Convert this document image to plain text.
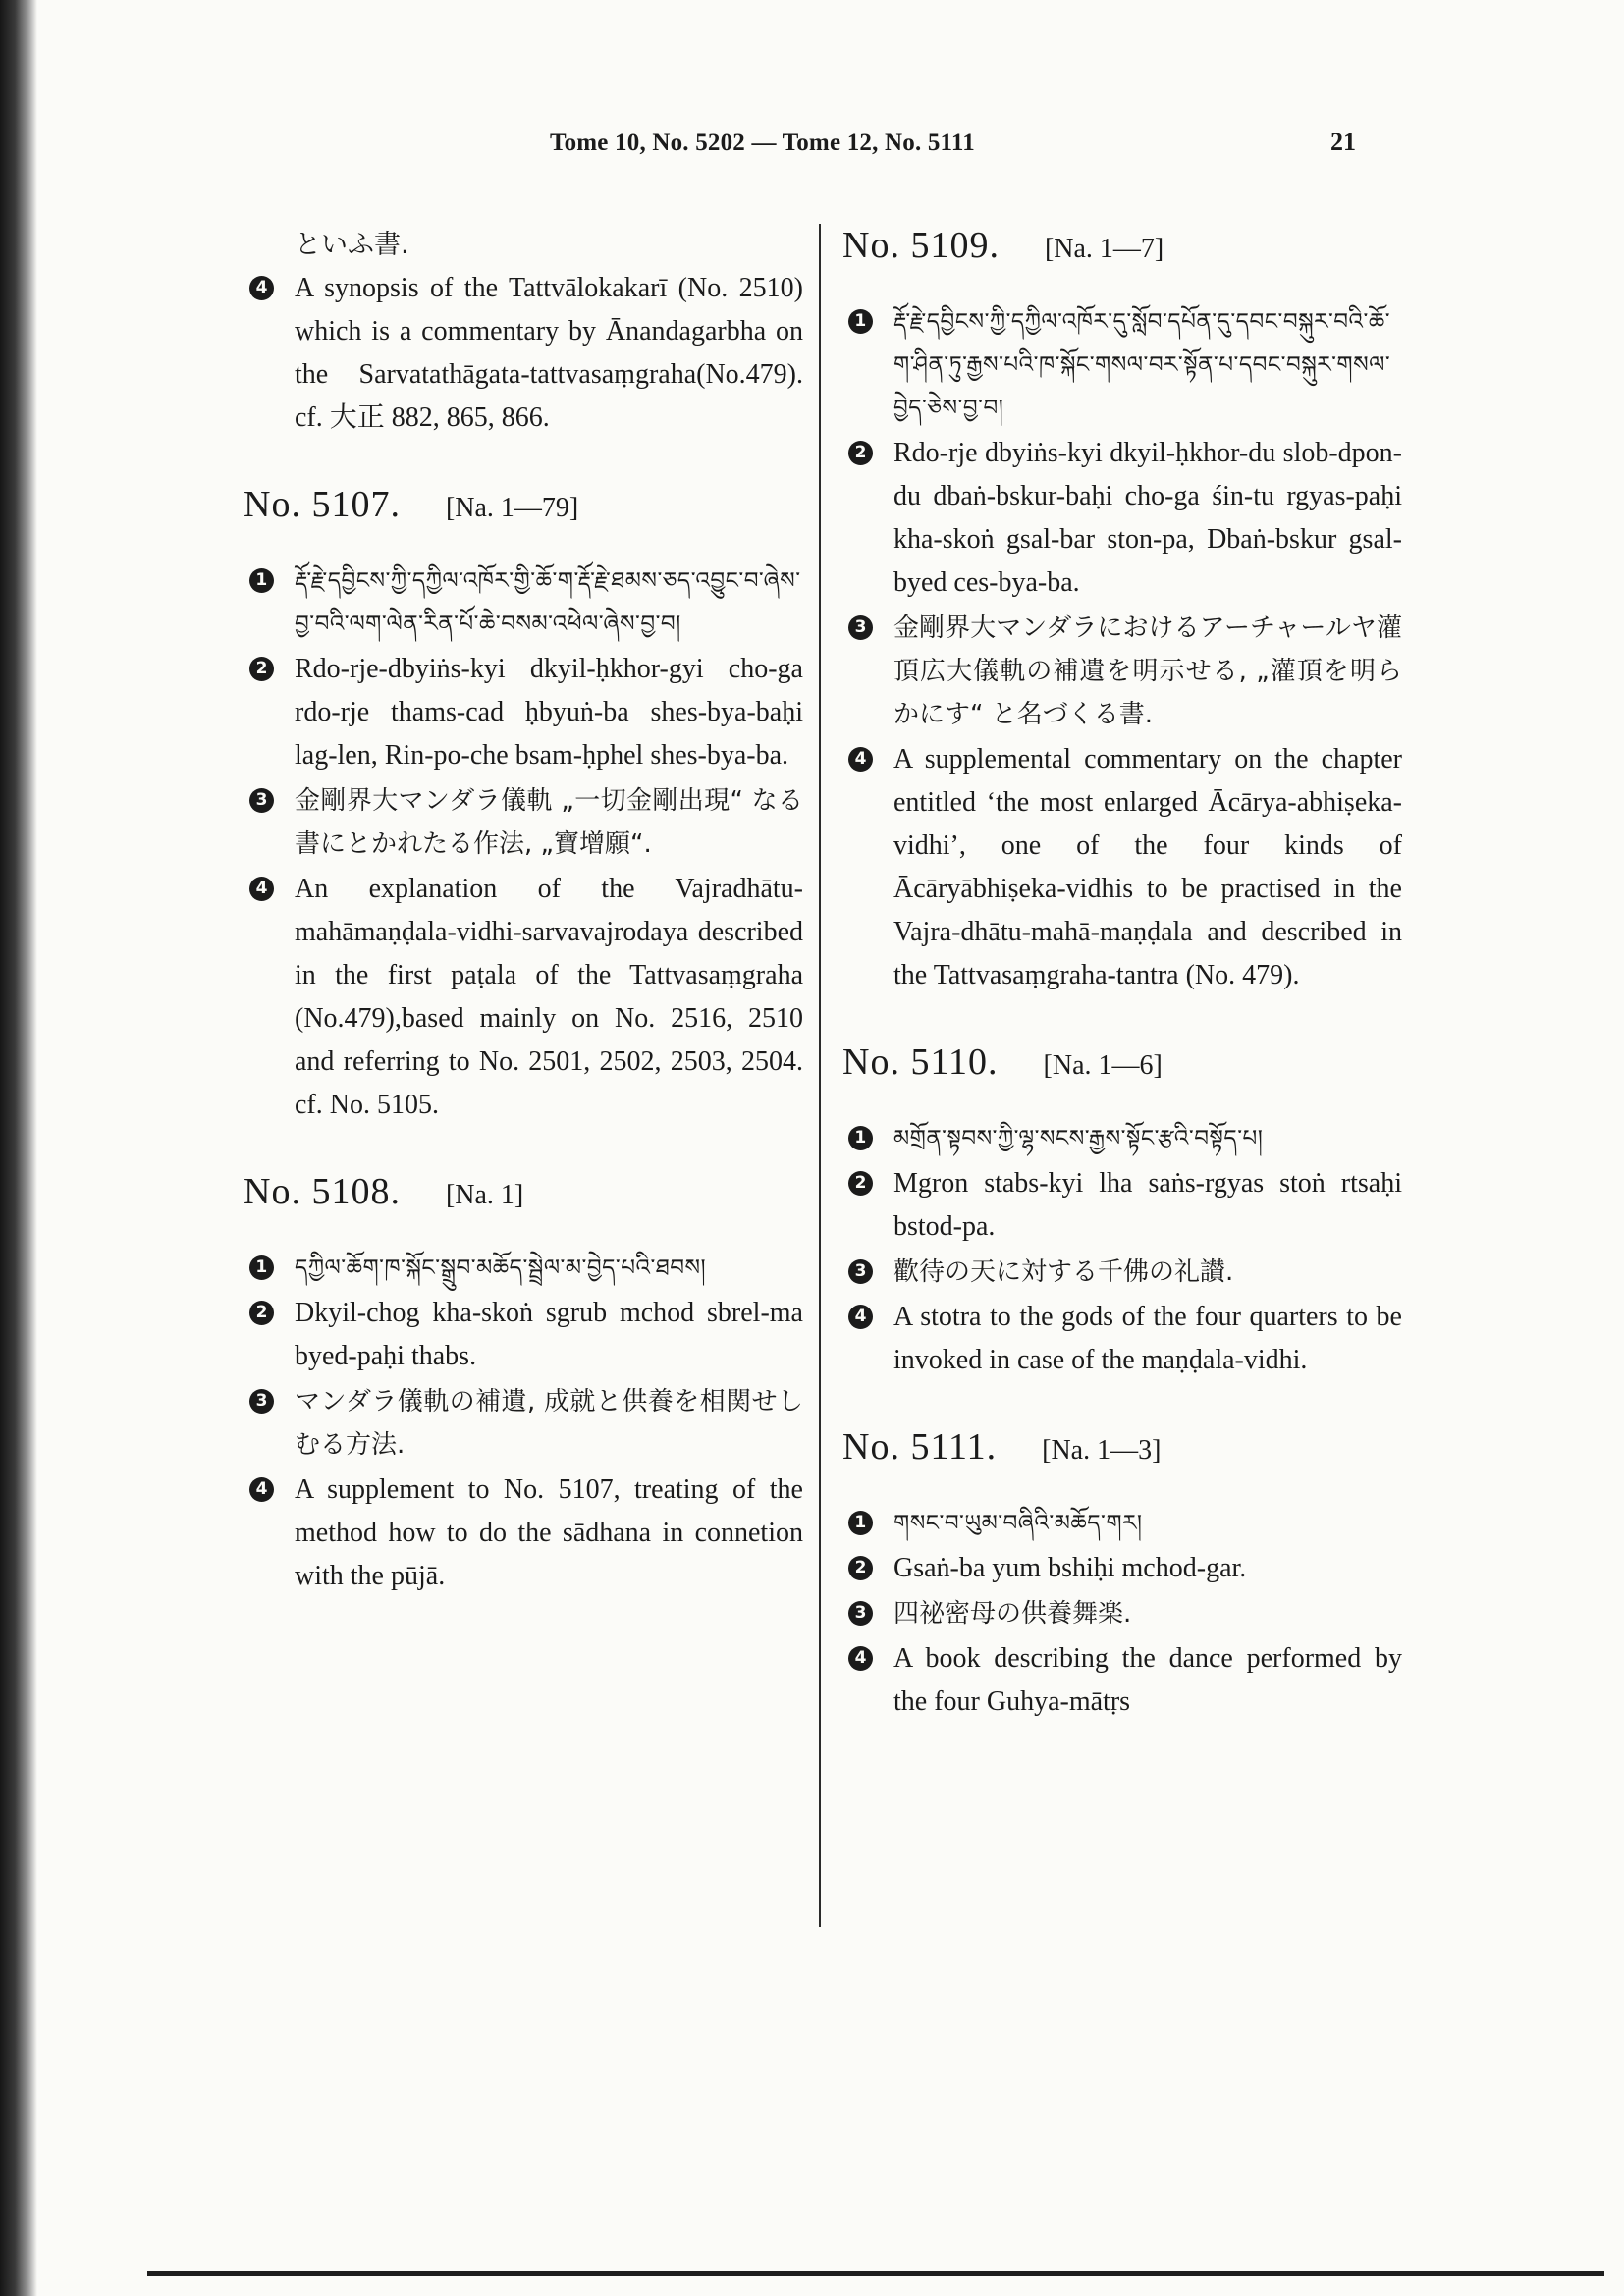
Tome 10, No. 5202 — Tome 12, No. 5111	21
といふ書.
4 A synopsis of the Tattvālokakarī (No. 2510) which is a commentary by Ānandagarbha on the Sarvatathāgata-tattvasaṃgraha(No.479). cf. 大正 882, 865, 866.
No. 5107. [Na. 1—79]
1 རྡོ་རྗེ་དབྱིངས་ཀྱི་དཀྱིལ་འཁོར་གྱི་ཆོ་ག་རྡོ་རྗེ་ཐམས་ཅད་འབྱུང་བ་ཞེས་བྱ་བའི་ལག་ལེན་རིན་པོ་ཆེ་བསམ་འཕེལ་ཞེས་བྱ་བ།
2 Rdo-rje-dbyiṅs-kyi dkyil-ḥkhor-gyi cho-ga rdo-rje thams-cad ḥbyuṅ-ba shes-bya-baḥi lag-len, Rin-po-che bsam-ḥphel shes-bya-ba.
3 金剛界大マンダラ儀軌 „一切金剛出現“ なる書にとかれたる作法, „寶增願“.
4 An explanation of the Vajradhātu-mahāmaṇḍala-vidhi-sarvavajrodaya described in the first paṭala of the Tattvasaṃgraha (No.479),based mainly on No. 2516, 2510 and referring to No. 2501, 2502, 2503, 2504. cf. No. 5105.
No. 5108. [Na. 1]
1 དཀྱིལ་ཆོག་ཁ་སྐོང་སྒྲུབ་མཆོད་སྦྲེལ་མ་བྱེད་པའི་ཐབས།
2 Dkyil-chog kha-skoṅ sgrub mchod sbrel-ma byed-paḥi thabs.
3 マンダラ儀軌の補遺, 成就と供養を相関せしむる方法.
4 A supplement to No. 5107, treating of the method how to do the sādhana in connetion with the pūjā.
No. 5109. [Na. 1—7]
1 རྡོ་རྗེ་དབྱིངས་ཀྱི་དཀྱིལ་འཁོར་དུ་སློབ་དཔོན་དུ་དབང་བསྐུར་བའི་ཆོ་ག་ཤིན་ཏུ་རྒྱས་པའི་ཁ་སྐོང་གསལ་བར་སྟོན་པ་དབང་བསྐུར་གསལ་བྱེད་ཅེས་བྱ་བ།
2 Rdo-rje dbyiṅs-kyi dkyil-ḥkhor-du slob-dpon-du dbaṅ-bskur-baḥi cho-ga śin-tu rgyas-paḥi kha-skoṅ gsal-bar ston-pa, Dbaṅ-bskur gsal-byed ces-bya-ba.
3 金剛界大マンダラにおけるアーチャールヤ灌頂広大儀軌の補遺を明示せる, „灌頂を明らかにす“ と名づくる書.
4 A supplemental commentary on the chapter entitled ‘the most enlarged Ācārya-abhiṣeka-vidhi’, one of the four kinds of Ācāryābhiṣeka-vidhis to be practised in the Vajra-dhātu-mahā-maṇḍala and described in the Tattvasaṃgraha-tantra (No. 479).
No. 5110. [Na. 1—6]
1 མགྲོན་སྟབས་ཀྱི་ལྷ་སངས་རྒྱས་སྟོང་རྩའི་བསྟོད་པ།
2 Mgron stabs-kyi lha saṅs-rgyas stoṅ rtsaḥi bstod-pa.
3 歡待の天に対する千佛の礼讃.
4 A stotra to the gods of the four quarters to be invoked in case of the maṇḍala-vidhi.
No. 5111. [Na. 1—3]
1 གསང་བ་ཡུམ་བཞིའི་མཆོད་གར།
2 Gsaṅ-ba yum bshiḥi mchod-gar.
3 四祕密母の供養舞楽.
4 A book describing the dance performed by the four Guhya-mātṛs
